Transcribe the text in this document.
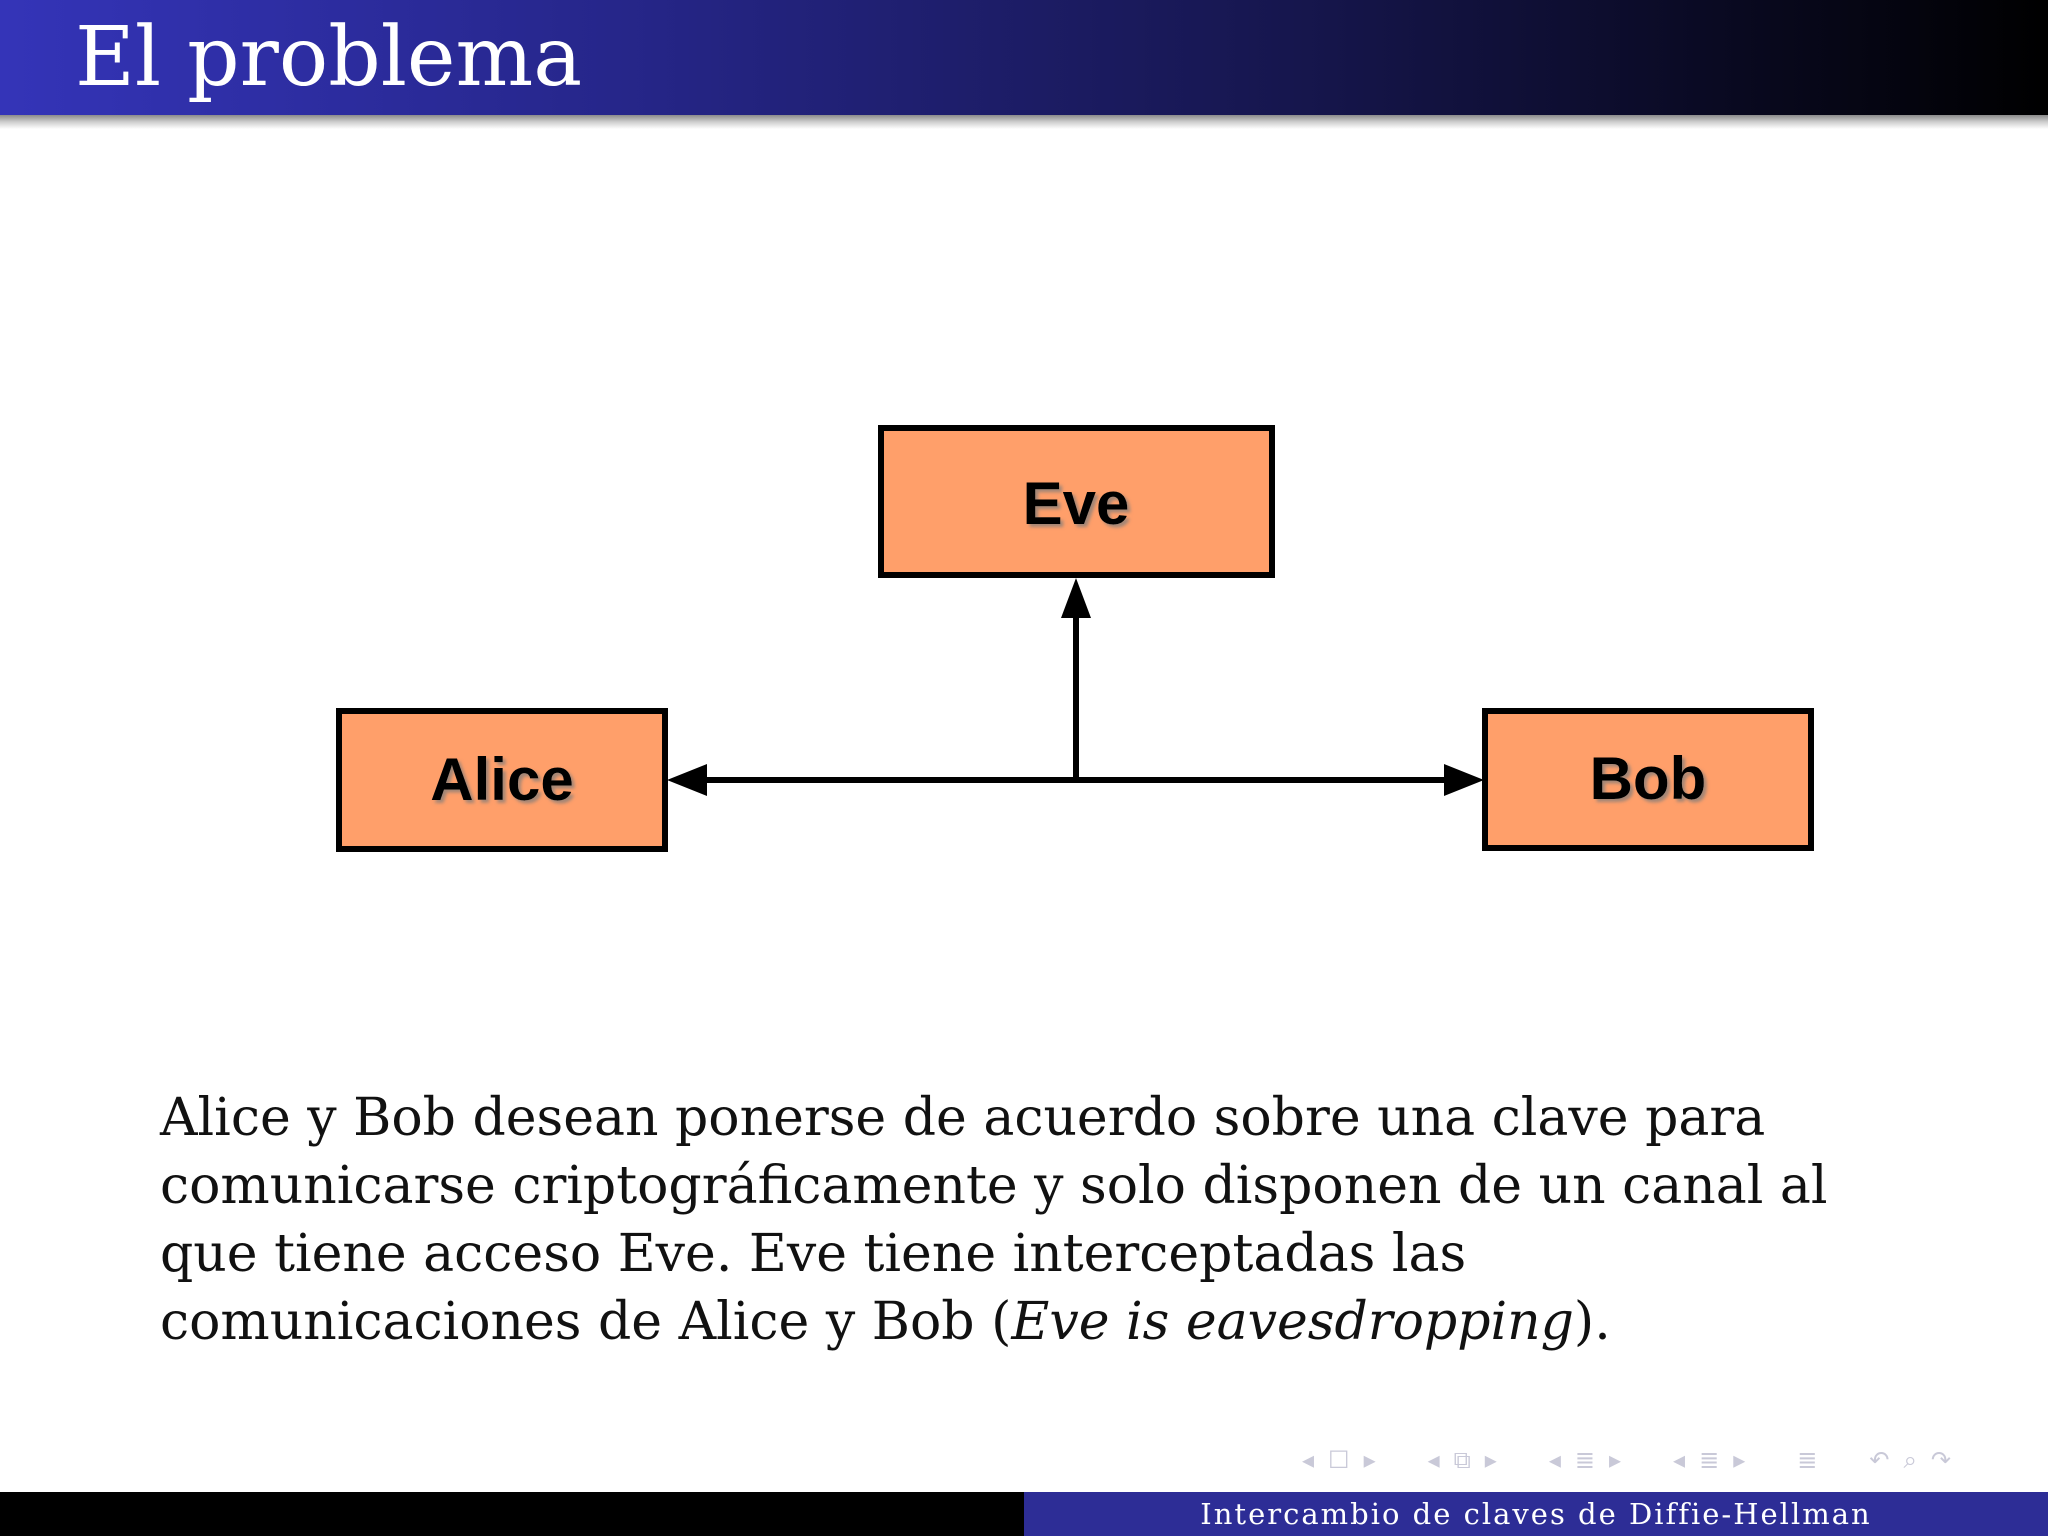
El problema
Eve
Alice	Bob
Alice y Bob desean ponerse de acuerdo sobre una clave para comunicarse criptográficamente y solo disponen de un canal al que tiene acceso Eve. Eve tiene interceptadas las comunicaciones de Alice y Bob (Eve is eavesdropping).
◂ ☐ ▸ ◂ ⧉ ▸ ◂ ≣ ▸ ◂ ≣ ▸ ≣ ↶ ⌕ ↷
Intercambio de claves de Diffie-Hellman
